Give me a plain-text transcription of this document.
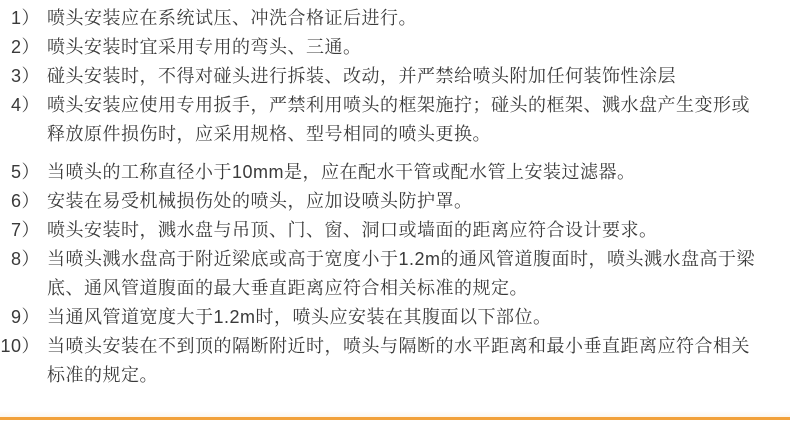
1） 喷头安装应在系统试压、冲洗合格证后进行。
2） 喷头安装时宜采用专用的弯头、三通。
3） 碰头安装时，不得对碰头进行拆装、改动，并严禁给喷头附加任何装饰性涂层
4） 喷头安装应使用专用扳手，严禁利用喷头的框架施拧；碰头的框架、溅水盘产生变形或释放原件损伤时，应采用规格、型号相同的喷头更换。
5） 当喷头的工称直径小于10mm是，应在配水干管或配水管上安装过滤器。
6） 安装在易受机械损伤处的喷头，应加设喷头防护罩。
7） 喷头安装时，溅水盘与吊顶、门、窗、洞口或墙面的距离应符合设计要求。
8） 当喷头溅水盘高于附近梁底或高于宽度小于1.2m的通风管道腹面时，喷头溅水盘高于梁底、通风管道腹面的最大垂直距离应符合相关标准的规定。
9） 当通风管道宽度大于1.2m时，喷头应安装在其腹面以下部位。
10） 当喷头安装在不到顶的隔断附近时，喷头与隔断的水平距离和最小垂直距离应符合相关标准的规定。
